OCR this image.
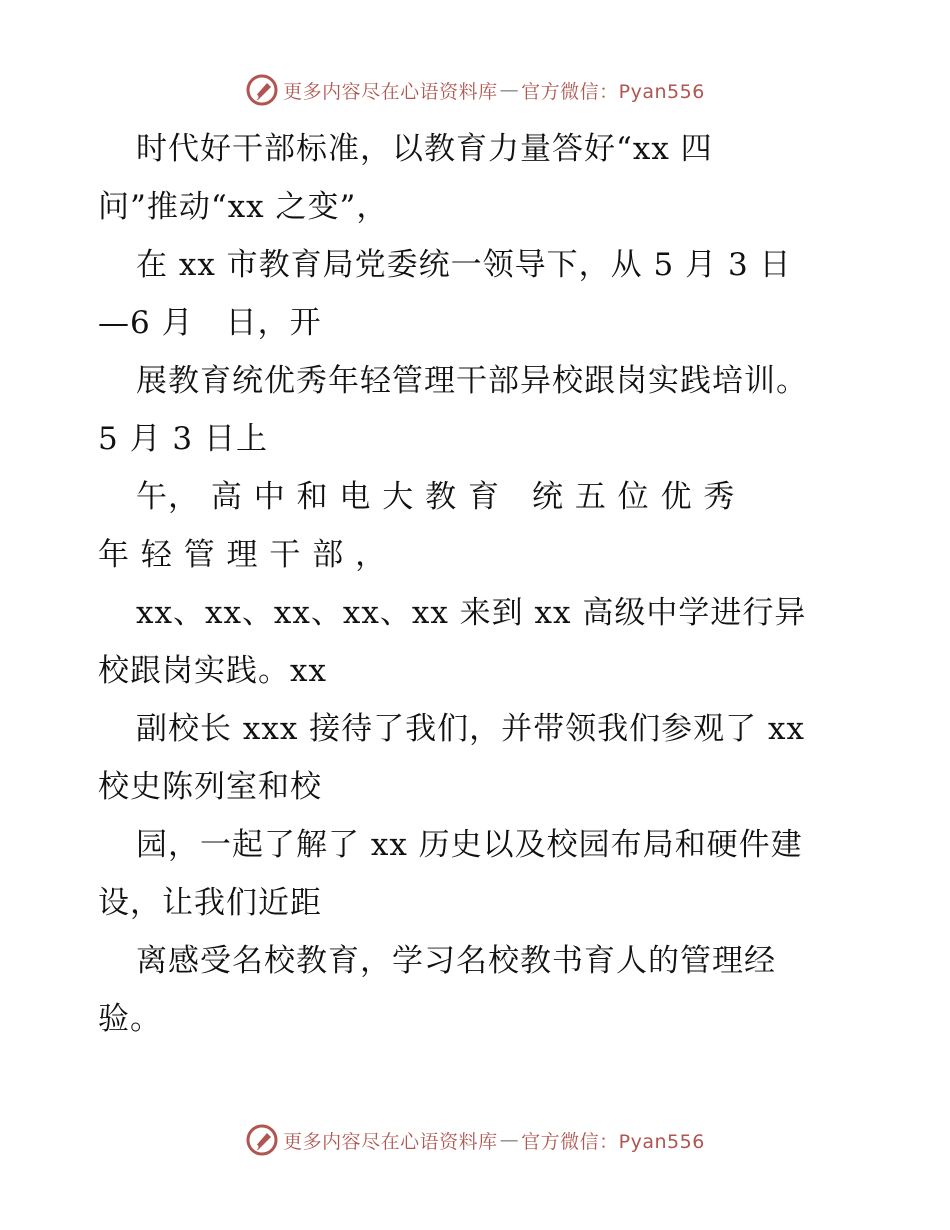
更多内容尽在心语资料库 — 官方微信：Pyan556
时代好干部标准，以教育力量答好“xx 四
问”推动“xx 之变”，
在 xx 市教育局党委统一领导下，从 5 月 3 日
—6 月　日，开
展教育统优秀年轻管理干部异校跟岗实践培训。
5 月 3 日上
午， 高 中 和 电 大 教 育　统 五 位 优 秀
年 轻 管 理 干 部 ，
xx、xx、xx、xx、xx 来到 xx 高级中学进行异
校跟岗实践。xx
副校长 xxx 接待了我们，并带领我们参观了 xx
校史陈列室和校
园，一起了解了 xx 历史以及校园布局和硬件建
设，让我们近距
离感受名校教育，学习名校教书育人的管理经
验。
更多内容尽在心语资料库 — 官方微信：Pyan556
